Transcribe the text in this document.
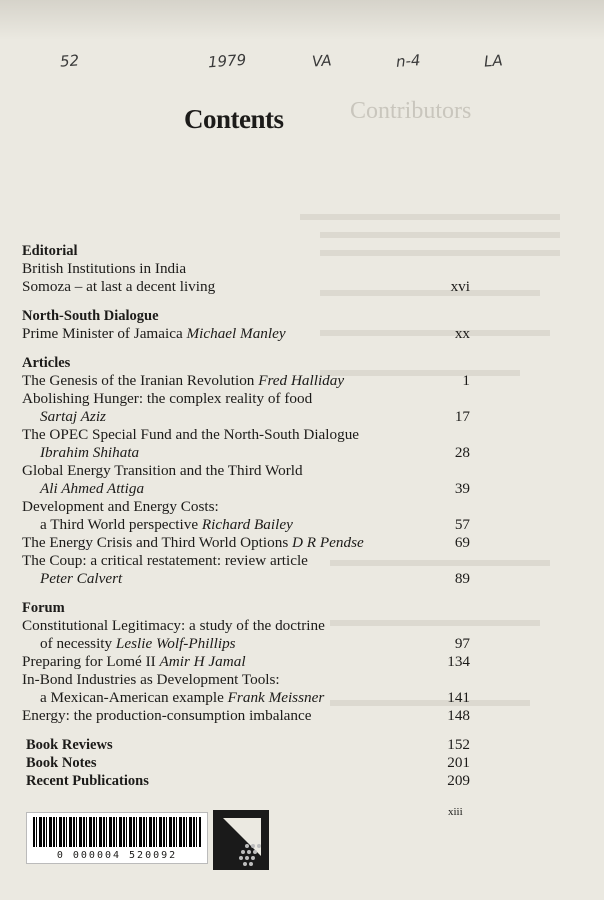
Contributors
52	1979	VA	n-4	LA
Contents
Editorial
British Institutions in India
Somoza – at last a decent living	xvi
North-South Dialogue
Prime Minister of Jamaica Michael Manley	xx
Articles
The Genesis of the Iranian Revolution Fred Halliday	1
Abolishing Hunger: the complex reality of food
Sartaj Aziz	17
The OPEC Special Fund and the North-South Dialogue
Ibrahim Shihata	28
Global Energy Transition and the Third World
Ali Ahmed Attiga	39
Development and Energy Costs:
a Third World perspective Richard Bailey	57
The Energy Crisis and Third World Options D R Pendse	69
The Coup: a critical restatement: review article
Peter Calvert	89
Forum
Constitutional Legitimacy: a study of the doctrine
of necessity Leslie Wolf-Phillips	97
Preparing for Lomé II Amir H Jamal	134
In-Bond Industries as Development Tools:
a Mexican-American example Frank Meissner	141
Energy: the production-consumption imbalance	148
Book Reviews	152
Book Notes	201
Recent Publications	209
xiii
0 000004 520092
